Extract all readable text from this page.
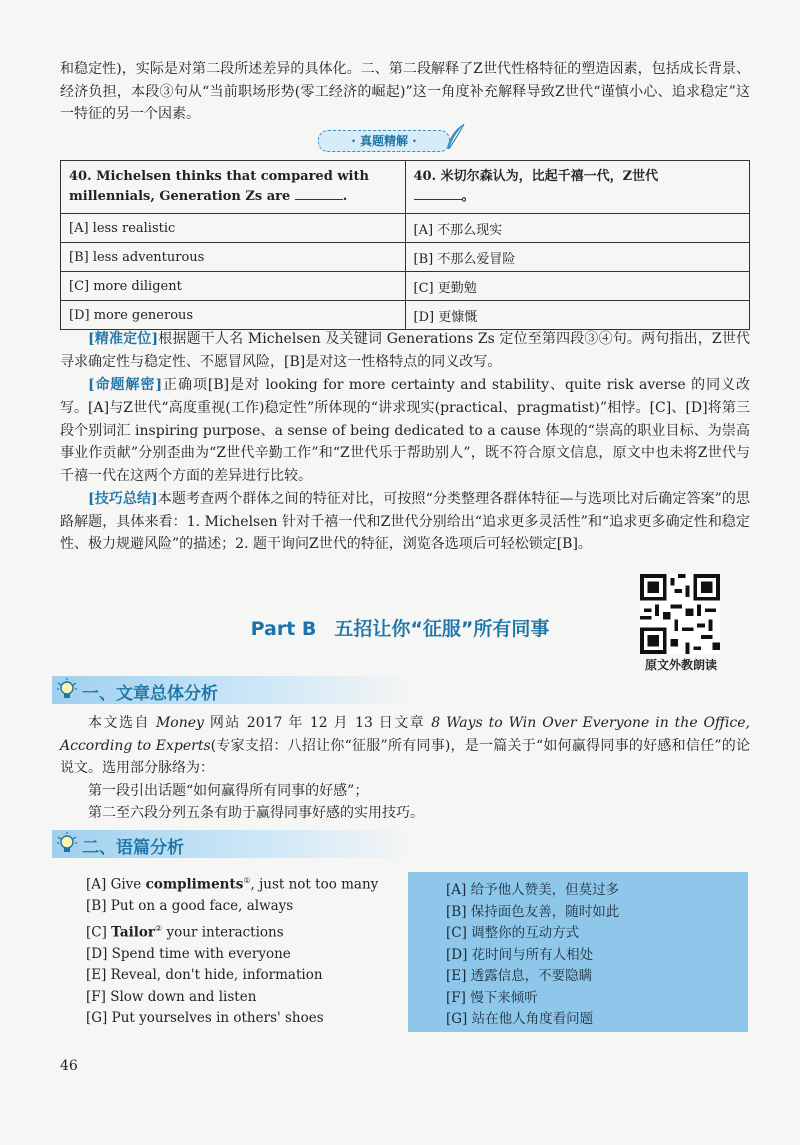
和稳定性)，实际是对第二段所述差异的具体化。二、第二段解释了Z世代性格特征的塑造因素，包括成长背景、经济负担，本段③句从“当前职场形势(零工经济的崛起)”这一角度补充解释导致Z世代“谨慎小心、追求稳定”这一特征的另一个因素。

· 真题精解 ·
40. Michelsen thinks that compared with millennials, Generation Zs are .	40. 米切尔森认为，比起千禧一代，Z世代
。
[A] less realistic	[A] 不那么现实
[B] less adventurous	[B] 不那么爱冒险
[C] more diligent	[C] 更勤勉
[D] more generous	[D] 更慷慨

[精准定位]根据题干人名 Michelsen 及关键词 Generations Zs 定位至第四段③④句。两句指出，Z世代寻求确定性与稳定性、不愿冒风险，[B]是对这一性格特点的同义改写。

[命题解密]正确项[B]是对 looking for more certainty and stability、quite risk averse 的同义改写。 [A]与Z世代“高度重视(工作)稳定性”所体现的“讲求现实(practical、pragmatist)”相悖。[C]、[D]将第三段个别词汇 inspiring purpose、a sense of being dedicated to a cause 体现的“崇高的职业目标、为崇高事业作贡献”分别歪曲为“Z世代辛勤工作”和“Z世代乐于帮助别人”，既不符合原文信息，原文中也未将Z世代与千禧一代在这两个方面的差异进行比较。

[技巧总结]本题考查两个群体之间的特征对比，可按照“分类整理各群体特征—与选项比对后确定答案”的思路解题，具体来看：1. Michelsen 针对千禧一代和Z世代分别给出“追求更多灵活性”和“追求更多确定性和稳定性、极力规避风险”的描述；2. 题干询问Z世代的特征，浏览各选项后可轻松锁定[B]。

原文外教朗读
Part B 五招让你“征服”所有同事
一、文章总体分析

本文选自 Money 网站 2017 年 12 月 13 日文章 8 Ways to Win Over Everyone in the Office, According to Experts(专家支招：八招让你“征服”所有同事)，是一篇关于“如何赢得同事的好感和信任”的论说文。选用部分脉络为：

第一段引出话题“如何赢得所有同事的好感”；

第二至六段分列五条有助于赢得同事好感的实用技巧。

二、语篇分析
[A] Give compliments①, just not too many
[B] Put on a good face, always
[C] Tailor② your interactions
[D] Spend time with everyone
[E] Reveal, don't hide, information
[F] Slow down and listen
[G] Put yourselves in others' shoes
[A] 给予他人赞美，但莫过多
[B] 保持面色友善，随时如此
[C] 调整你的互动方式
[D] 花时间与所有人相处
[E] 透露信息，不要隐瞒
[F] 慢下来倾听
[G] 站在他人角度看问题
46
